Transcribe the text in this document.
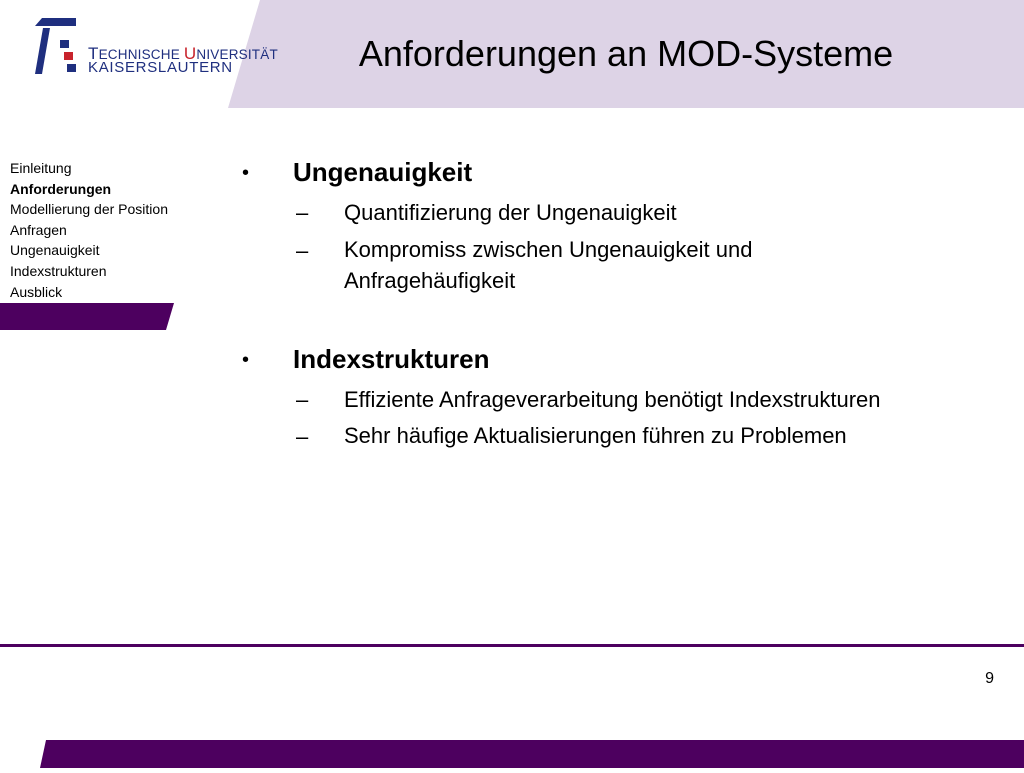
Anforderungen an MOD-Systeme
TECHNISCHE UNIVERSITÄT
KAISERSLAUTERN
Einleitung
Anforderungen
Modellierung der Position
Anfragen
Ungenauigkeit
Indexstrukturen
Ausblick
•	Ungenauigkeit
– Quantifizierung der Ungenauigkeit
– Kompromiss zwischen Ungenauigkeit und
Anfragehäufigkeit
•	Indexstrukturen
– Effiziente Anfrageverarbeitung benötigt Indexstrukturen
– Sehr häufige Aktualisierungen führen zu Problemen
9
